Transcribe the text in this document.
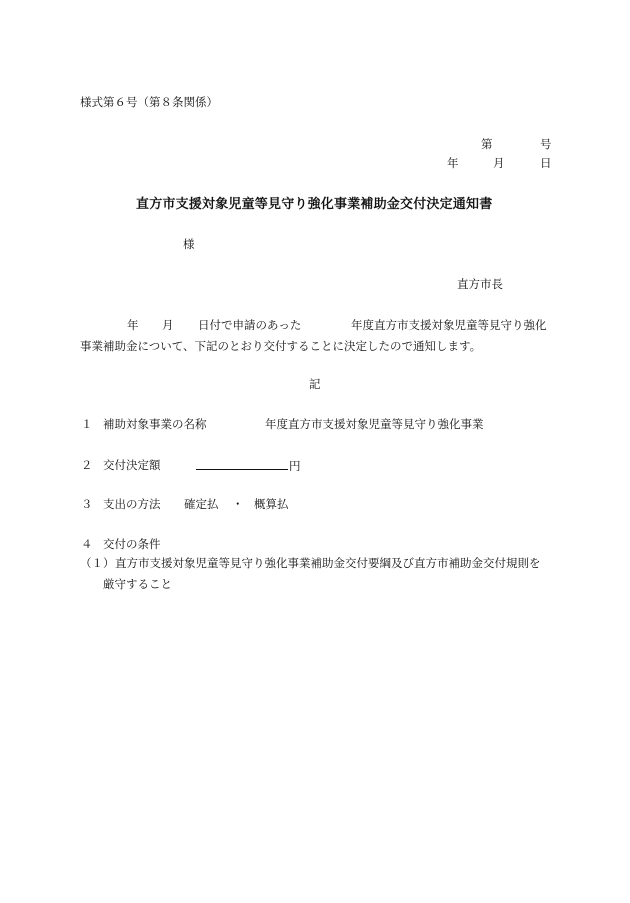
様式第６号（第８条関係）
第	号
年	月	日
直方市支援対象児童等見守り強化事業補助金交付決定通知書
様
直方市長
年 月 日付で申請のあった	年度直方市支援対象児童等見守り強化
事業補助金について、下記のとおり交付することに決定したので通知します。
記
１ 補助対象事業の名称	年度直方市支援対象児童等見守り強化事業
２ 交付決定額	円
３ 支出の方法 確定払 ・ 概算払
４ 交付の条件
（１） 直方市支援対象児童等見守り強化事業補助金交付要綱及び直方市補助金交付規則を
厳守すること
